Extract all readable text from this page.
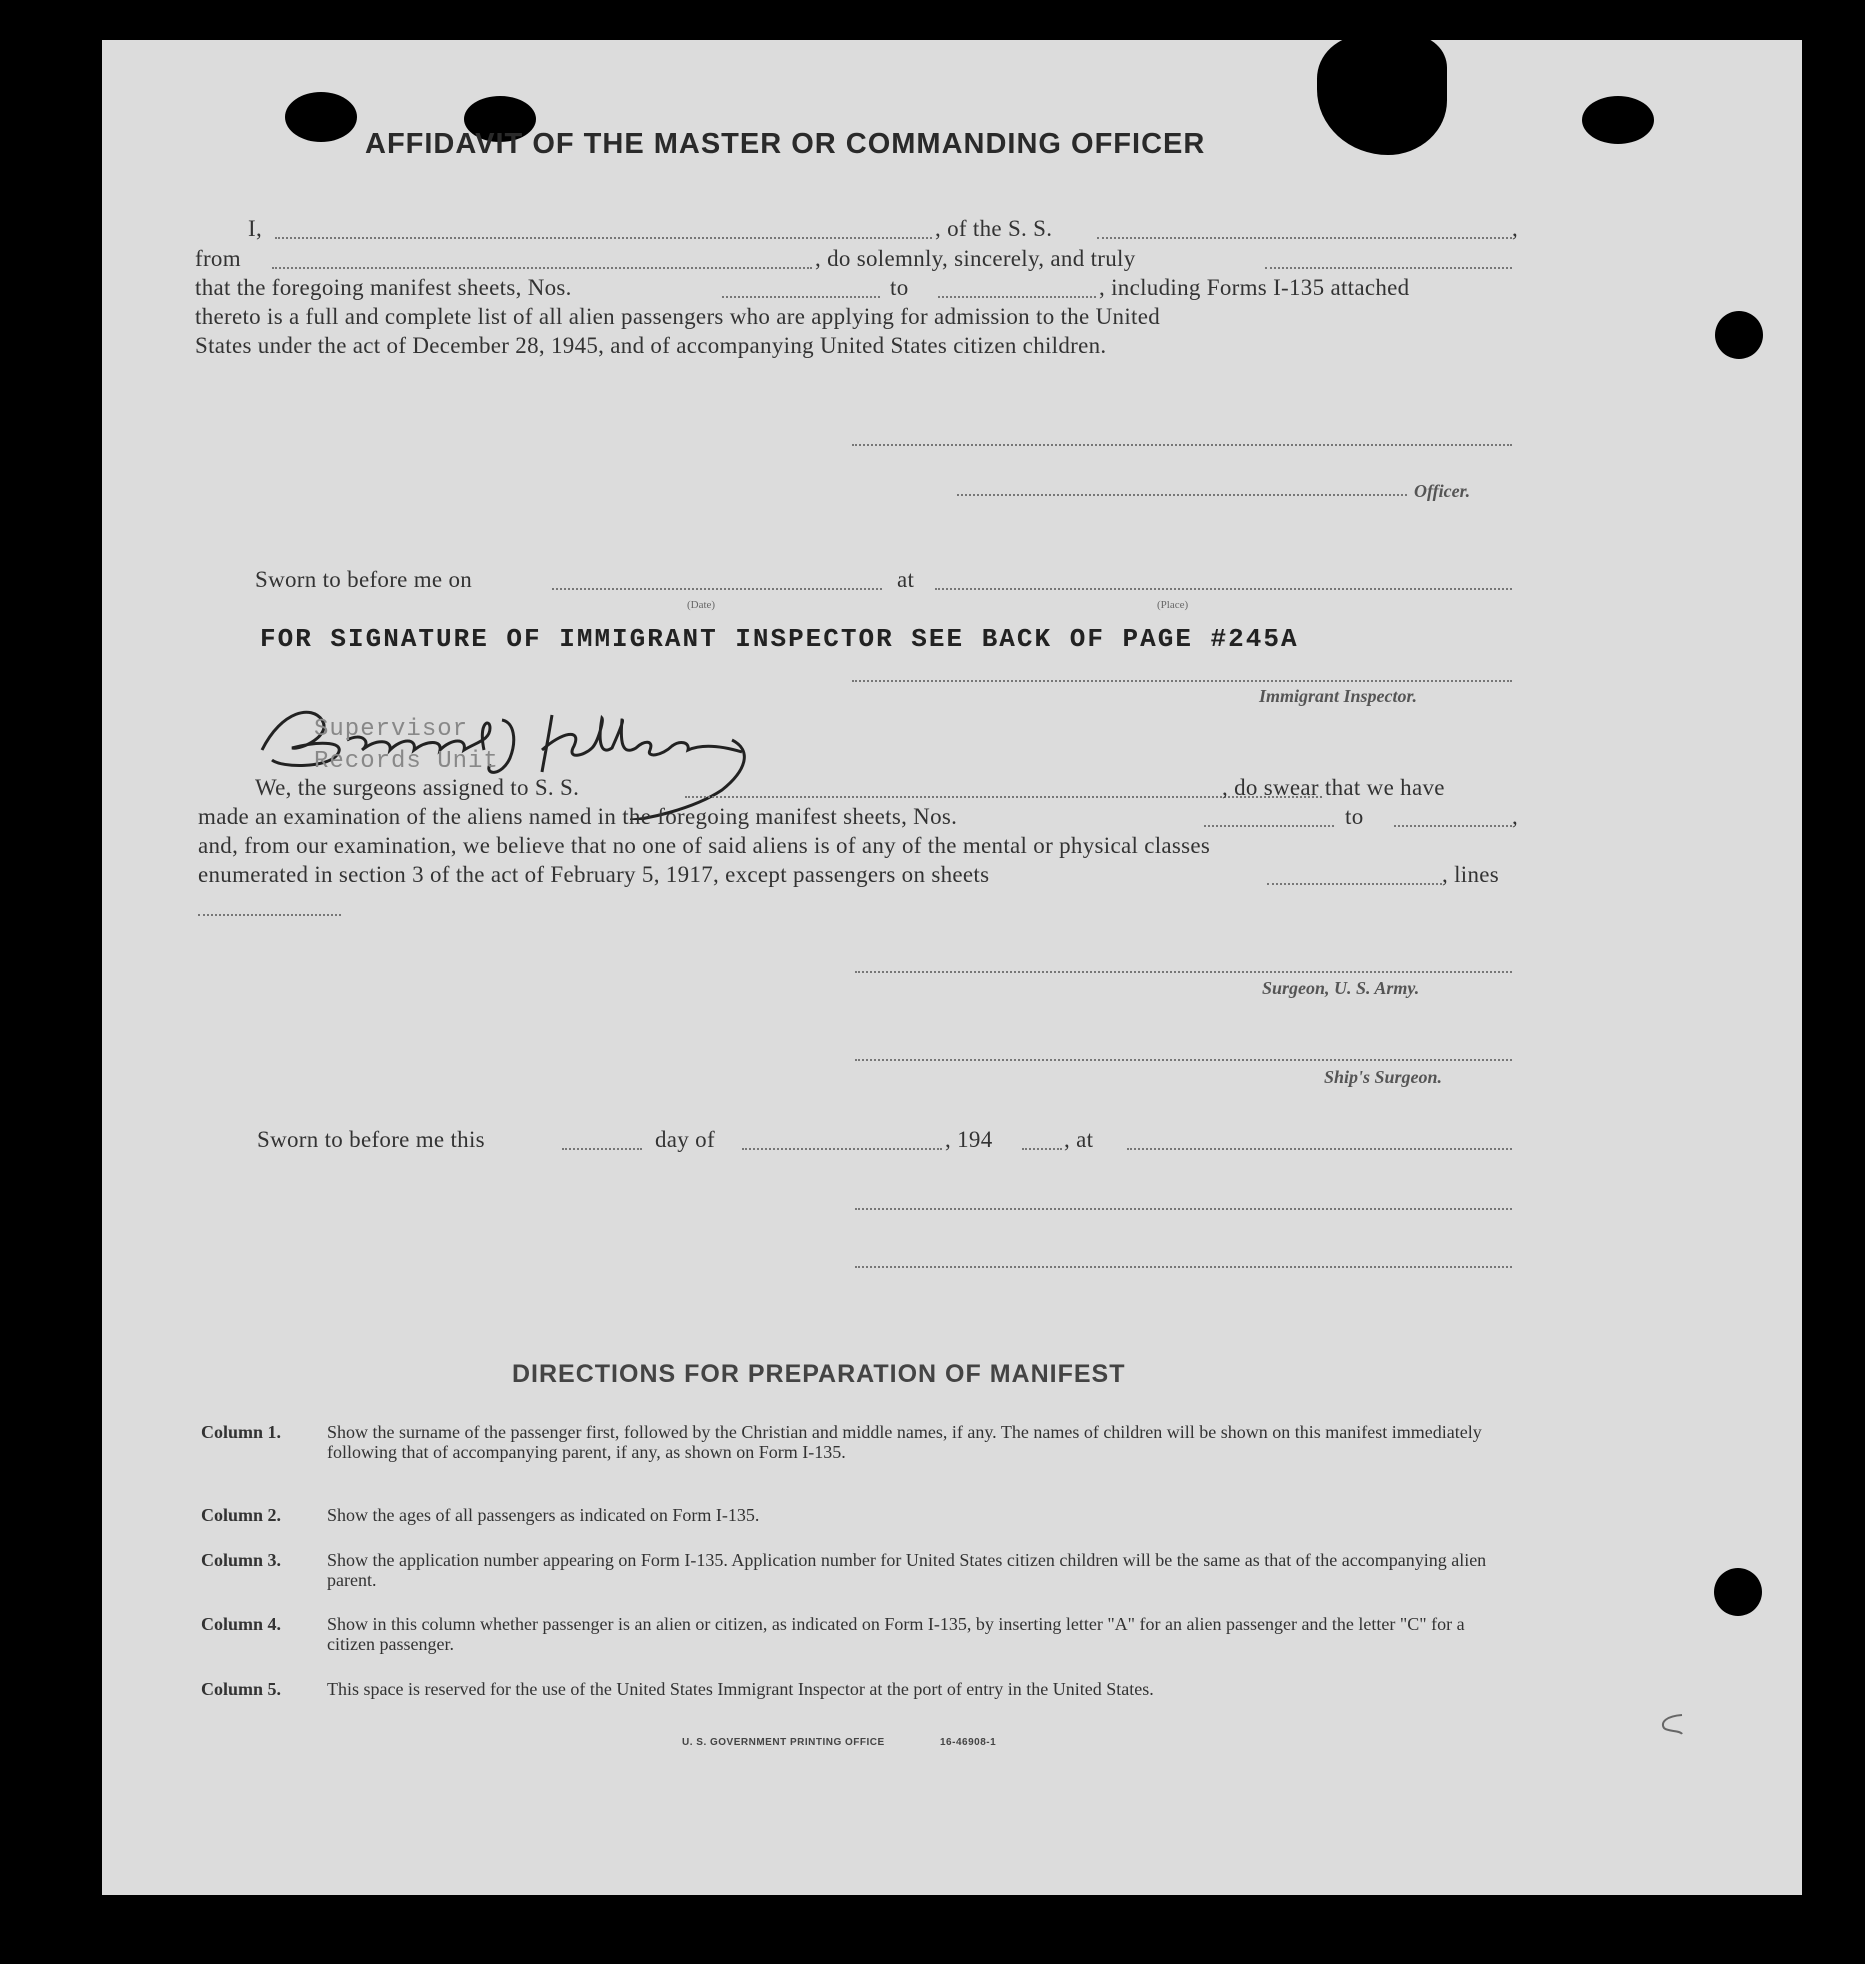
AFFIDAVIT OF THE MASTER OR COMMANDING OFFICER
I,	, of the S. S.	,
from	, do solemnly, sincerely, and truly
that the foregoing manifest sheets, Nos.	to	, including Forms I-135 attached
thereto is a full and complete list of all alien passengers who are applying for admission to the United
States under the act of December 28, 1945, and of accompanying United States citizen children.
Officer.
Sworn to before me on	at
(Date)	(Place)
FOR SIGNATURE OF IMMIGRANT INSPECTOR SEE BACK OF PAGE #245A
Immigrant Inspector.
Supervisor
Records Unit
We, the surgeons assigned to S. S.	, do swear that we have
made an examination of the aliens named in the foregoing manifest sheets, Nos.	to	,
and, from our examination, we believe that no one of said aliens is of any of the mental or physical classes
enumerated in section 3 of the act of February 5, 1917, except passengers on sheets	, lines
Surgeon, U. S. Army.
Ship's Surgeon.
Sworn to before me this	day of	, 194	, at
DIRECTIONS FOR PREPARATION OF MANIFEST
Column 1.	Show the surname of the passenger first, followed by the Christian and middle names, if any. The names of children will be shown on this manifest immediately following that of accompanying parent, if any, as shown on Form I-135.
Column 2.	Show the ages of all passengers as indicated on Form I-135.
Column 3.	Show the application number appearing on Form I-135. Application number for United States citizen children will be the same as that of the accompanying alien parent.
Column 4.	Show in this column whether passenger is an alien or citizen, as indicated on Form I-135, by inserting letter "A" for an alien passenger and the letter "C" for a citizen passenger.
Column 5.	This space is reserved for the use of the United States Immigrant Inspector at the port of entry in the United States.
U. S. GOVERNMENT PRINTING OFFICE	16-46908-1
